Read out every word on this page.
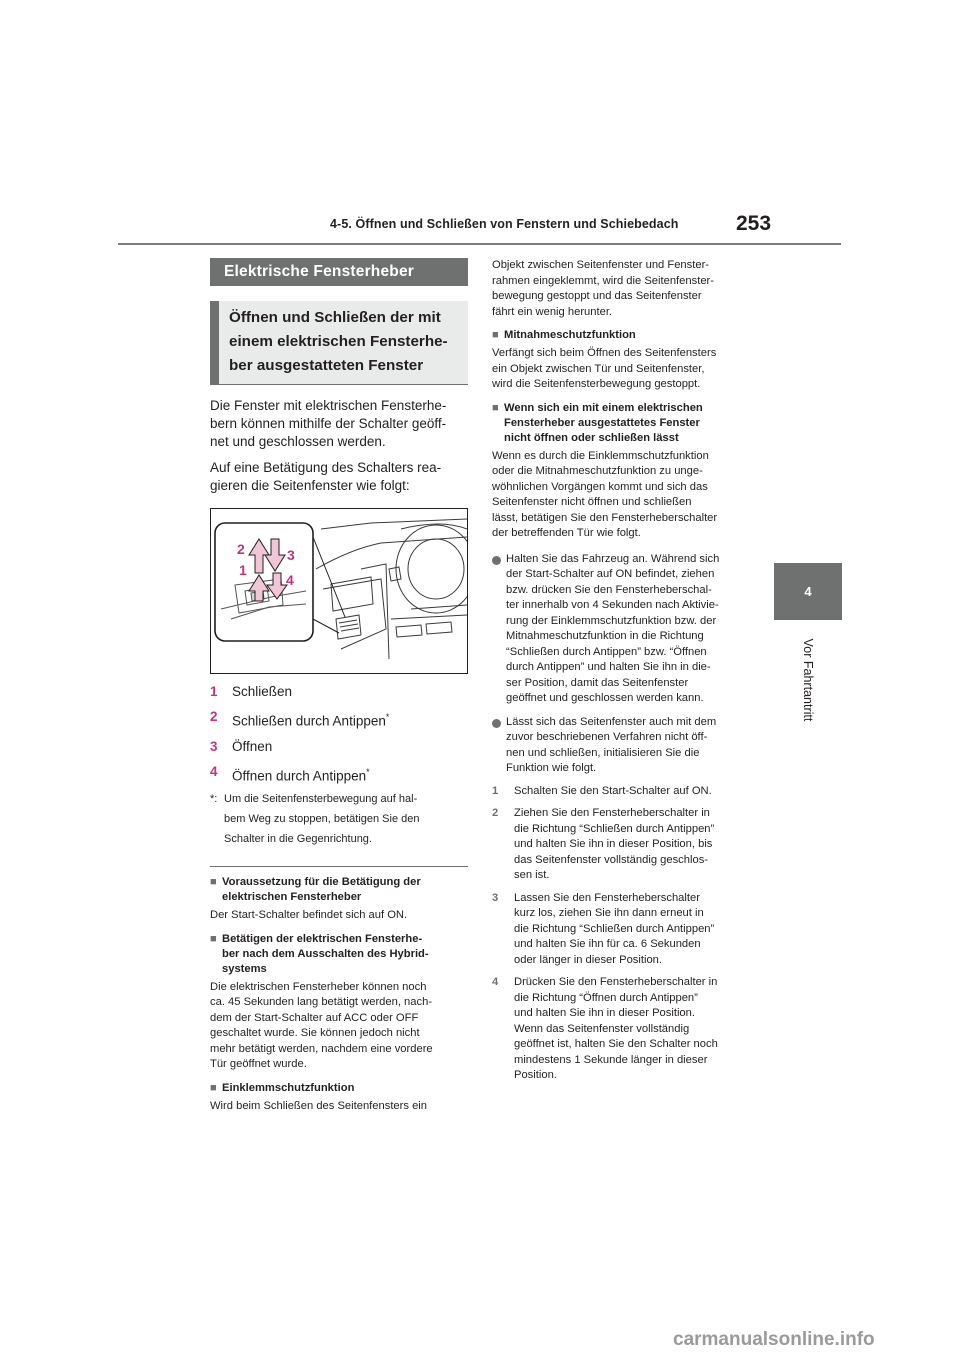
4-5. Öffnen und Schließen von Fenstern und Schiebedach	253
4
Vor Fahrtantritt
Elektrische Fensterheber
Öffnen und Schließen der mit
einem elektrischen Fensterhe-
ber ausgestatteten Fenster
Die Fenster mit elektrischen Fensterhe-
bern können mithilfe der Schalter geöff-
net und geschlossen werden.
Auf eine Betätigung des Schalters rea-
gieren die Seitenfenster wie folgt:
1
2	3
4
1	Schließen
2	Schließen durch Antippen*
3	Öffnen
4	Öffnen durch Antippen*
*: Um die Seitenfensterbewegung auf hal-
bem Weg zu stoppen, betätigen Sie den
Schalter in die Gegenrichtung.
■ Voraussetzung für die Betätigung der
elektrischen Fensterheber
Der Start-Schalter befindet sich auf ON.
■ Betätigen der elektrischen Fensterhe-
ber nach dem Ausschalten des Hybrid-
systems
Die elektrischen Fensterheber können noch
ca. 45 Sekunden lang betätigt werden, nach-
dem der Start-Schalter auf ACC oder OFF
geschaltet wurde. Sie können jedoch nicht
mehr betätigt werden, nachdem eine vordere
Tür geöffnet wurde.
■ Einklemmschutzfunktion
Wird beim Schließen des Seitenfensters ein
Objekt zwischen Seitenfenster und Fenster-
rahmen eingeklemmt, wird die Seitenfenster-
bewegung gestoppt und das Seitenfenster
fährt ein wenig herunter.
■ Mitnahmeschutzfunktion
Verfängt sich beim Öffnen des Seitenfensters
ein Objekt zwischen Tür und Seitenfenster,
wird die Seitenfensterbewegung gestoppt.
■ Wenn sich ein mit einem elektrischen
Fensterheber ausgestattetes Fenster
nicht öffnen oder schließen lässt
Wenn es durch die Einklemmschutzfunktion
oder die Mitnahmeschutzfunktion zu unge-
wöhnlichen Vorgängen kommt und sich das
Seitenfenster nicht öffnen und schließen
lässt, betätigen Sie den Fensterheberschalter
der betreffenden Tür wie folgt.
Halten Sie das Fahrzeug an. Während sich
der Start-Schalter auf ON befindet, ziehen
bzw. drücken Sie den Fensterheberschal-
ter innerhalb von 4 Sekunden nach Aktivie-
rung der Einklemmschutzfunktion bzw. der
Mitnahmeschutzfunktion in die Richtung
“Schließen durch Antippen” bzw. “Öffnen
durch Antippen” und halten Sie ihn in die-
ser Position, damit das Seitenfenster
geöffnet und geschlossen werden kann.
Lässt sich das Seitenfenster auch mit dem
zuvor beschriebenen Verfahren nicht öff-
nen und schließen, initialisieren Sie die
Funktion wie folgt.
1	Schalten Sie den Start-Schalter auf ON.
2	Ziehen Sie den Fensterheberschalter in
die Richtung “Schließen durch Antippen”
und halten Sie ihn in dieser Position, bis
das Seitenfenster vollständig geschlos-
sen ist.
3	Lassen Sie den Fensterheberschalter
kurz los, ziehen Sie ihn dann erneut in
die Richtung “Schließen durch Antippen”
und halten Sie ihn für ca. 6 Sekunden
oder länger in dieser Position.
4	Drücken Sie den Fensterheberschalter in
die Richtung “Öffnen durch Antippen”
und halten Sie ihn in dieser Position.
Wenn das Seitenfenster vollständig
geöffnet ist, halten Sie den Schalter noch
mindestens 1 Sekunde länger in dieser
Position.
carmanualsonline.info
